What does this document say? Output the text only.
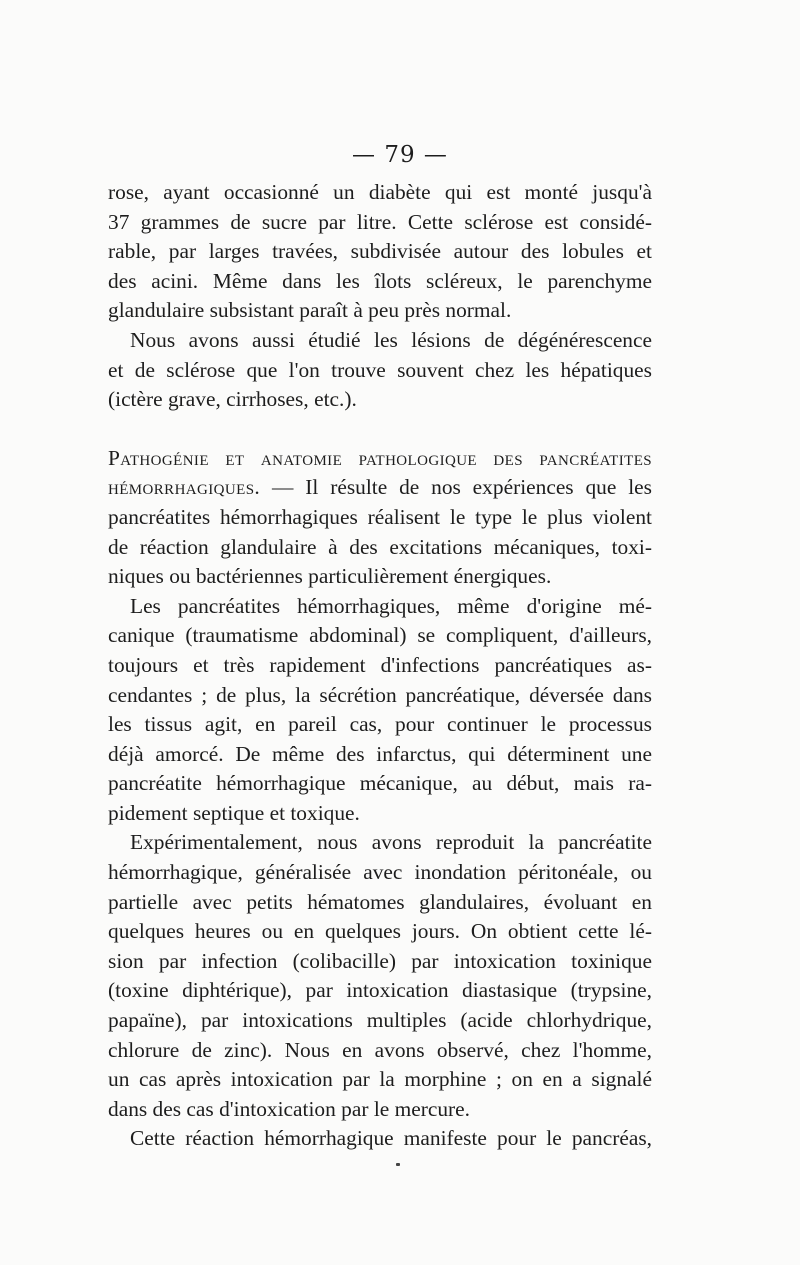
— 79 —

rose, ayant occasionné un diabète qui est monté jusqu'à

37 grammes de sucre par litre. Cette sclérose est considé-

rable, par larges travées, subdivisée autour des lobules et

des acini. Même dans les îlots scléreux, le parenchyme

glandulaire subsistant paraît à peu près normal.

Nous avons aussi étudié les lésions de dégénérescence

et de sclérose que l'on trouve souvent chez les hépatiques

(ictère grave, cirrhoses, etc.).

Pathogénie et anatomie pathologique des pancréatites hémorrhagiques. — Il résulte de nos expériences que les

pancréatites hémorrhagiques réalisent le type le plus violent

de réaction glandulaire à des excitations mécaniques, toxi-

niques ou bactériennes particulièrement énergiques.

Les pancréatites hémorrhagiques, même d'origine mé-

canique (traumatisme abdominal) se compliquent, d'ailleurs,

toujours et très rapidement d'infections pancréatiques as-

cendantes ; de plus, la sécrétion pancréatique, déversée dans

les tissus agit, en pareil cas, pour continuer le processus

déjà amorcé. De même des infarctus, qui déterminent une

pancréatite hémorrhagique mécanique, au début, mais ra-

pidement septique et toxique.

Expérimentalement, nous avons reproduit la pancréatite

hémorrhagique, généralisée avec inondation péritonéale, ou

partielle avec petits hématomes glandulaires, évoluant en

quelques heures ou en quelques jours. On obtient cette lé-

sion par infection (colibacille) par intoxication toxinique

(toxine diphtérique), par intoxication diastasique (trypsine,

papaïne), par intoxications multiples (acide chlorhydrique,

chlorure de zinc). Nous en avons observé, chez l'homme,

un cas après intoxication par la morphine ; on en a signalé

dans des cas d'intoxication par le mercure.

Cette réaction hémorrhagique manifeste pour le pancréas,
